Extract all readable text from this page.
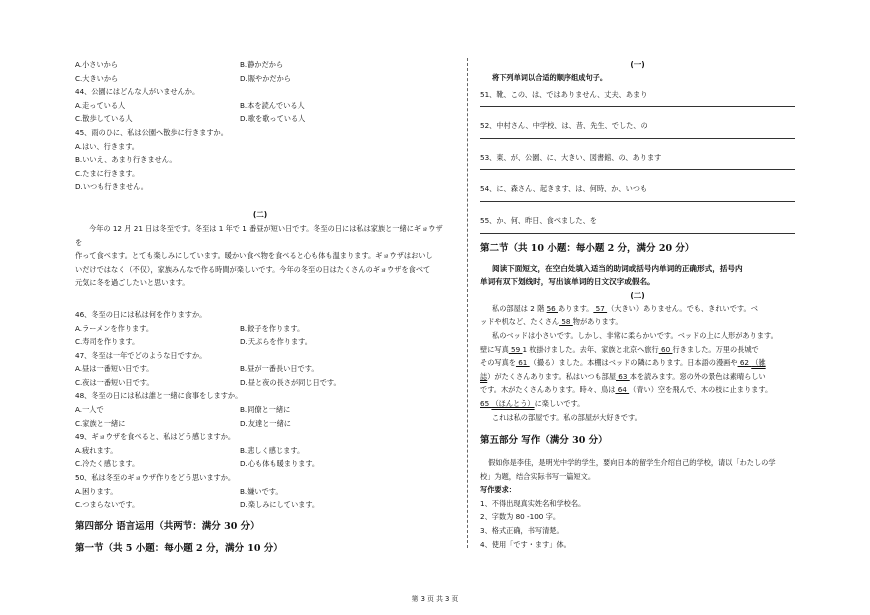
A.小さいから	B.静かだから
C.大きいから	D.賑やかだから
44、公園にはどんな人がいませんか。
A.走っている人	B.本を読んでいる人
C.散歩している人	D.歌を歌っている人
45、雨のひに、私は公園へ散歩に行きますか。
A.はい、行きます。
B.いいえ、あまり行きません。
C.たまに行きます。
D.いつも行きません。
(二)

今年の 12 月 21 日は冬至です。冬至は 1 年で 1 番昼が短い日です。冬至の日には私は家族と一緒にギョウザを

作って食べます。とても楽しみにしています。暖かい食べ物を食べると心も体も温まります。ギョウザはおいし
いだけではなく（不仅），家族みんなで作る時間が楽しいです。今年の冬至の日はたくさんのギョウザを食べて
元気に冬を過ごしたいと思います。
46、冬至の日には私は何を作りますか。
A.ラーメンを作ります。	B.餃子を作ります。
C.寿司を作ります。	D.天ぷらを作ります。
47、冬至は一年でどのような日ですか。
A.昼は一番短い日です。	B.昼が一番長い日です。
C.夜は一番短い日です。	D.昼と夜の長さが同じ日です。
48、冬至の日には私は誰と一緒に食事をしますか。
A.一人で	B.同僚と一緒に
C.家族と一緒に	D.友達と一緒に
49、ギョウザを食べると、私はどう感じますか。
A.疲れます。	B.悲しく感じます。
C.冷たく感じます。	D.心も体も暖まります。
50、私は冬至のギョウザ作りをどう思いますか。
A.困ります。	B.嫌いです。
C.つまらないです。	D.楽しみにしています。
第四部分 语言运用（共两节：满分 30 分）
第一节（共 5 小题：每小题 2 分，满分 10 分）
(一)
将下列单词以合适的顺序组成句子。
51、靴、この、は、ではありません、丈夫、あまり
52、中村さん、中学校、は、昔、先生、でした、の
53、東、が、公園、に、大きい、図書館、の、あります
54、に、森さん、起きます、は、何時、か、いつも
55、か、何、昨日、食べました、を
第二节（共 10 小题：每小题 2 分，满分 20 分）
阅读下面短文，在空白处填入适当的助词或括号内单词的正确形式，括号内
单词有双下划线时，写出该单词的日文汉字或假名。
(二)
私の部屋は 2 階 56 あります。 57 （大きい）ありません。でも、きれいです。ベ
ッドや机など、たくさん 58 物があります。
私のベッドは小さいです。しかし、非常に柔らかいです。ベッドの上に人形があります。
壁に写真 59 1 枚掛けました。去年、家族と北京へ旅行 60 行きました。万里の長城で
その写真を 61 （撮る）ました。本棚はベッドの隣にあります。日本語の漫画や 62 （雑
誌）がたくさんあります。私はいつも部屋 63 本を読みます。窓の外の景色は素晴らしい
です。木がたくさんあります。時々、鳥は 64 （青い）空を飛んで、木の枝に止まります。
65 （ほんとう）に楽しいです。
これは私の部屋です。私の部屋が大好きです。
第五部分 写作（满分 30 分）
假如你是李佳，是明光中学的学生，要向日本的留学生介绍自己的学校，请以「わたしの学
校」为题，结合实际书写一篇短文。
写作要求：
1、不得出现真实姓名和学校名。
2、字数为 80 -100 字。
3、格式正确，书写清楚。
4、使用「です・ます」体。
第 3 页 共 3 页
